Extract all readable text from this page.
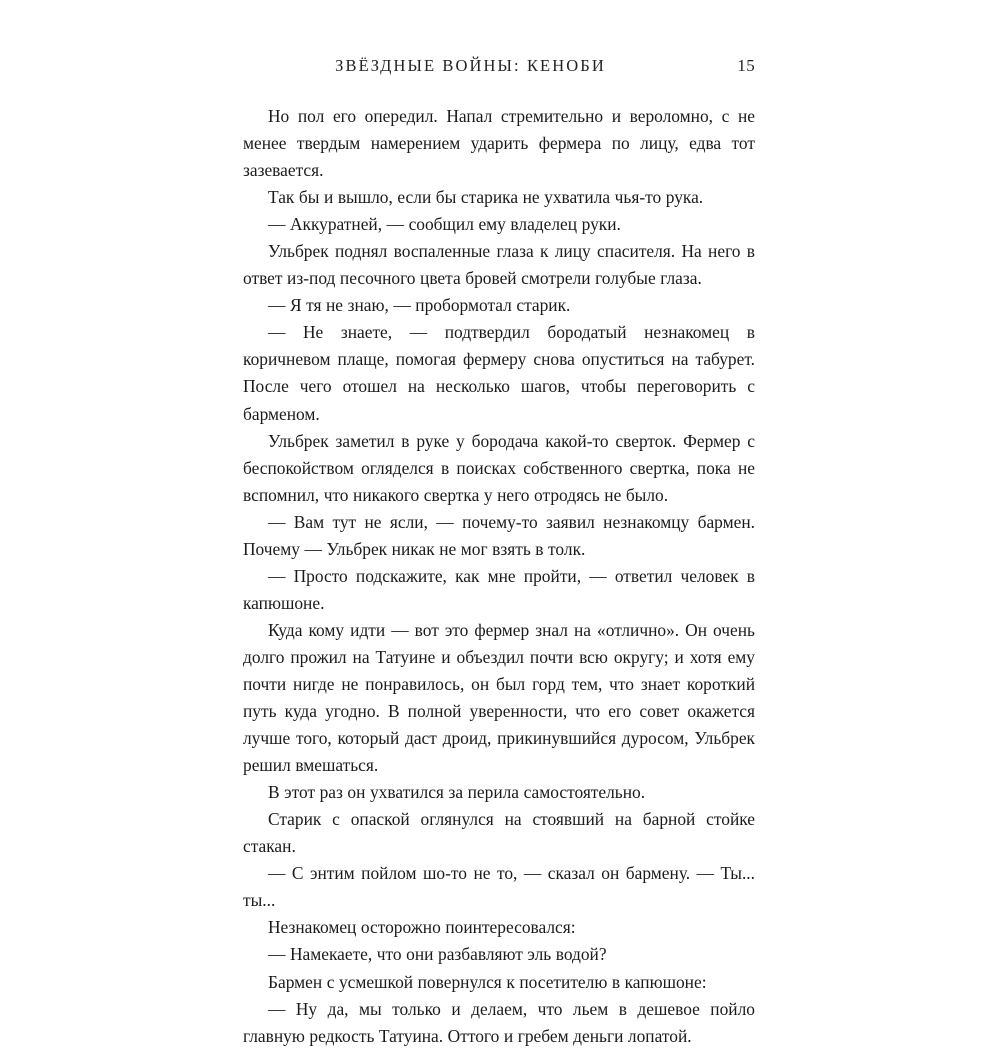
ЗВЁЗДНЫЕ ВОЙНЫ: КЕНОБИ	15

Но пол его опередил. Напал стремительно и вероломно, с не менее твердым намерением ударить фермера по лицу, едва тот зазевается.

Так бы и вышло, если бы старика не ухватила чья-то рука.

— Аккуратней, — сообщил ему владелец руки.

Ульбрек поднял воспаленные глаза к лицу спасителя. На него в ответ из-под песочного цвета бровей смотрели голубые глаза.

— Я тя не знаю, — пробормотал старик.

— Не знаете, — подтвердил бородатый незнакомец в коричневом плаще, помогая фермеру снова опуститься на табурет. После чего отошел на несколько шагов, чтобы переговорить с барменом.

Ульбрек заметил в руке у бородача какой-то сверток. Фермер с беспокойством огляделся в поисках собственного свертка, пока не вспомнил, что никакого свертка у него отродясь не было.

— Вам тут не ясли, — почему-то заявил незнакомцу бармен. Почему — Ульбрек никак не мог взять в толк.

— Просто подскажите, как мне пройти, — ответил человек в капюшоне.

Куда кому идти — вот это фермер знал на «отлично». Он очень долго прожил на Татуине и объездил почти всю округу; и хотя ему почти нигде не понравилось, он был горд тем, что знает короткий путь куда угодно. В полной уверенности, что его совет окажется лучше того, который даст дроид, прикинувшийся дуросом, Ульбрек решил вмешаться.

В этот раз он ухватился за перила самостоятельно.

Старик с опаской оглянулся на стоявший на барной стойке стакан.

— С энтим пойлом шо-то не то, — сказал он бармену. — Ты... ты...

Незнакомец осторожно поинтересовался:

— Намекаете, что они разбавляют эль водой?

Бармен с усмешкой повернулся к посетителю в капюшоне:

— Ну да, мы только и делаем, что льем в дешевое пойло главную редкость Татуина. Оттого и гребем деньги лопатой.
